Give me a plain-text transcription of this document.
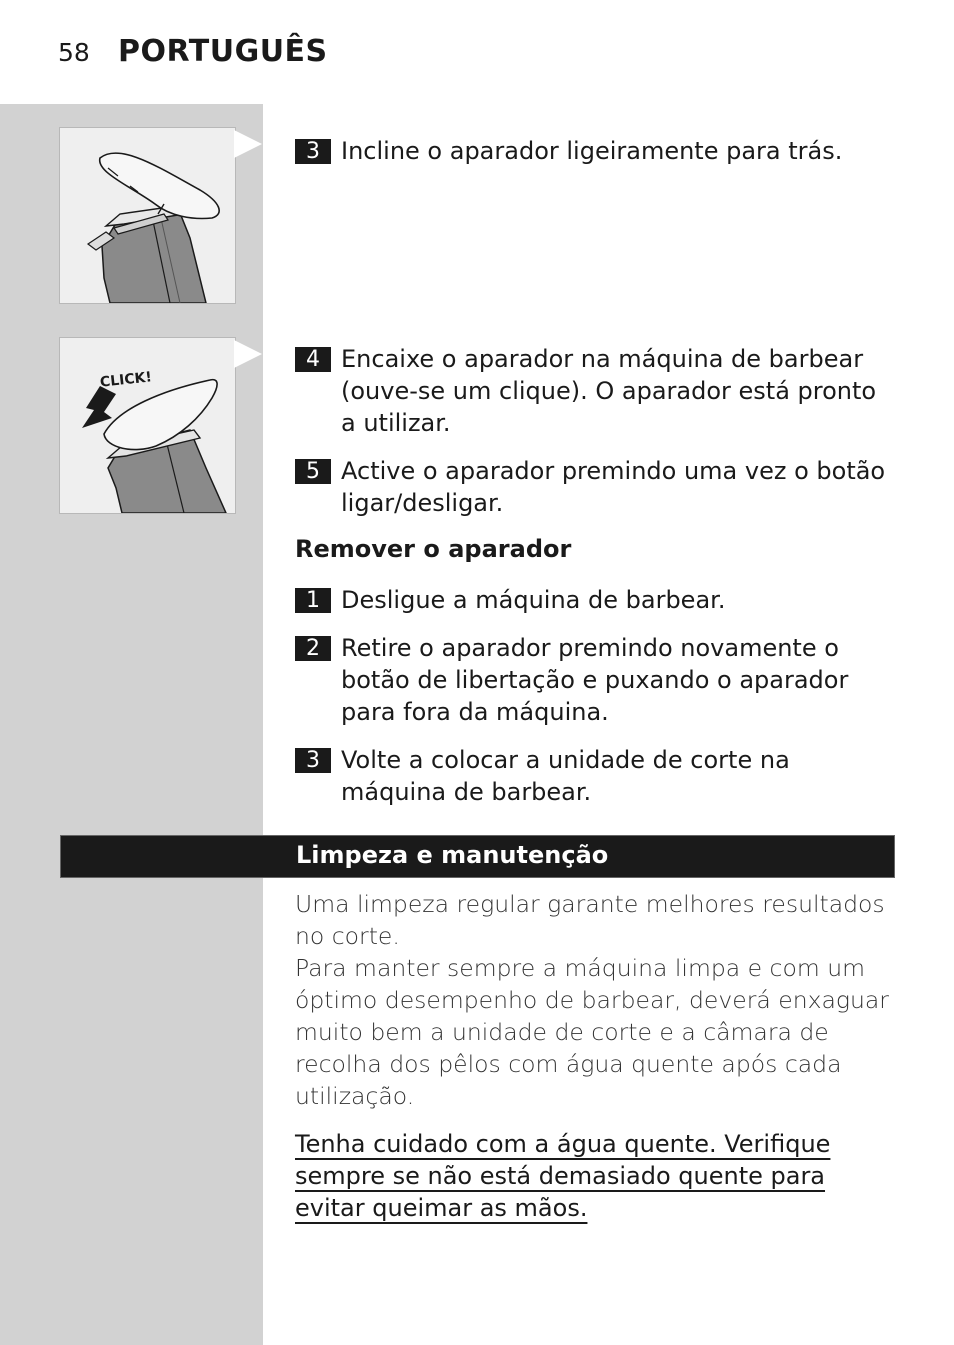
58 PORTUGUÊS
CLICK!
3 Incline o aparador ligeiramente para trás.
4 Encaixe o aparador na máquina de barbear (ouve-se um clique). O aparador está pronto a utilizar.
5 Active o aparador premindo uma vez o botão ligar/desligar.
Remover o aparador
1 Desligue a máquina de barbear.
2 Retire o aparador premindo novamente o botão de libertação e puxando o aparador para fora da máquina.
3 Volte a colocar a unidade de corte na máquina de barbear.
Limpeza e manutenção
Uma limpeza regular garante melhores resultados no corte.
Para manter sempre a máquina limpa e com um óptimo desempenho de barbear, deverá enxaguar muito bem a unidade de corte e a câmara de recolha dos pêlos com água quente após cada utilização.
Tenha cuidado com a água quente. Verifique sempre se não está demasiado quente para evitar queimar as mãos.
